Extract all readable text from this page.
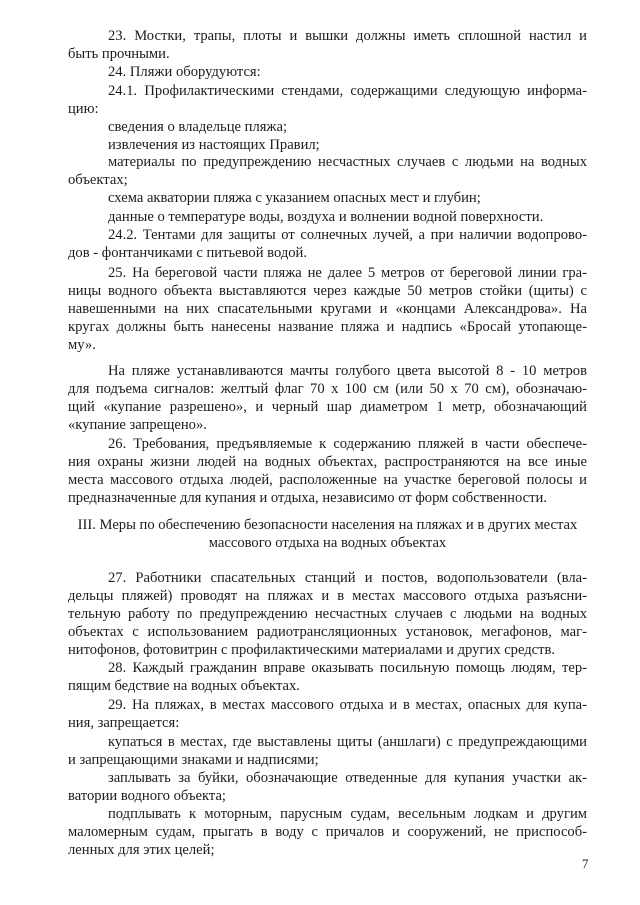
23. Мостки, трапы, плоты и вышки должны иметь сплошной настил и
быть прочными.
24. Пляжи оборудуются:
24.1. Профилактическими стендами, содержащими следующую информа-
цию:
сведения о владельце пляжа;
извлечения из настоящих Правил;
материалы по предупреждению несчастных случаев с людьми на водных
объектах;
схема акватории пляжа с указанием опасных мест и глубин;
данные о температуре воды, воздуха и волнении водной поверхности.
24.2. Тентами для защиты от солнечных лучей, а при наличии водопрово-
дов - фонтанчиками с питьевой водой.
25. На береговой части пляжа не далее 5 метров от береговой линии гра-
ницы водного объекта выставляются через каждые 50 метров стойки (щиты) с
навешенными на них спасательными кругами и «концами Александрова». На
кругах должны быть нанесены название пляжа и надпись «Бросай утопающе-
му».
На пляже устанавливаются мачты голубого цвета высотой 8 - 10 метров
для подъема сигналов: желтый флаг 70 х 100 см (или 50 х 70 см), обозначаю-
щий «купание разрешено», и черный шар диаметром 1 метр, обозначающий
«купание запрещено».
26. Требования, предъявляемые к содержанию пляжей в части обеспече-
ния охраны жизни людей на водных объектах, распространяются на все иные
места массового отдыха людей, расположенные на участке береговой полосы и
предназначенные для купания и отдыха, независимо от форм собственности.
III. Меры по обеспечению безопасности населения на пляжах и в других местах
массового отдыха на водных объектах
27. Работники спасательных станций и постов, водопользователи (вла-
дельцы пляжей) проводят на пляжах и в местах массового отдыха разъясни-
тельную работу по предупреждению несчастных случаев с людьми на водных
объектах с использованием радиотрансляционных установок, мегафонов, маг-
нитофонов, фотовитрин с профилактическими материалами и других средств.
28. Каждый гражданин вправе оказывать посильную помощь людям, тер-
пящим бедствие на водных объектах.
29. На пляжах, в местах массового отдыха и в местах, опасных для купа-
ния, запрещается:
купаться в местах, где выставлены щиты (аншлаги) с предупреждающими
и запрещающими знаками и надписями;
заплывать за буйки, обозначающие отведенные для купания участки ак-
ватории водного объекта;
подплывать к моторным, парусным судам, весельным лодкам и другим
маломерным судам, прыгать в воду с причалов и сооружений, не приспособ-
ленных для этих целей;
7
